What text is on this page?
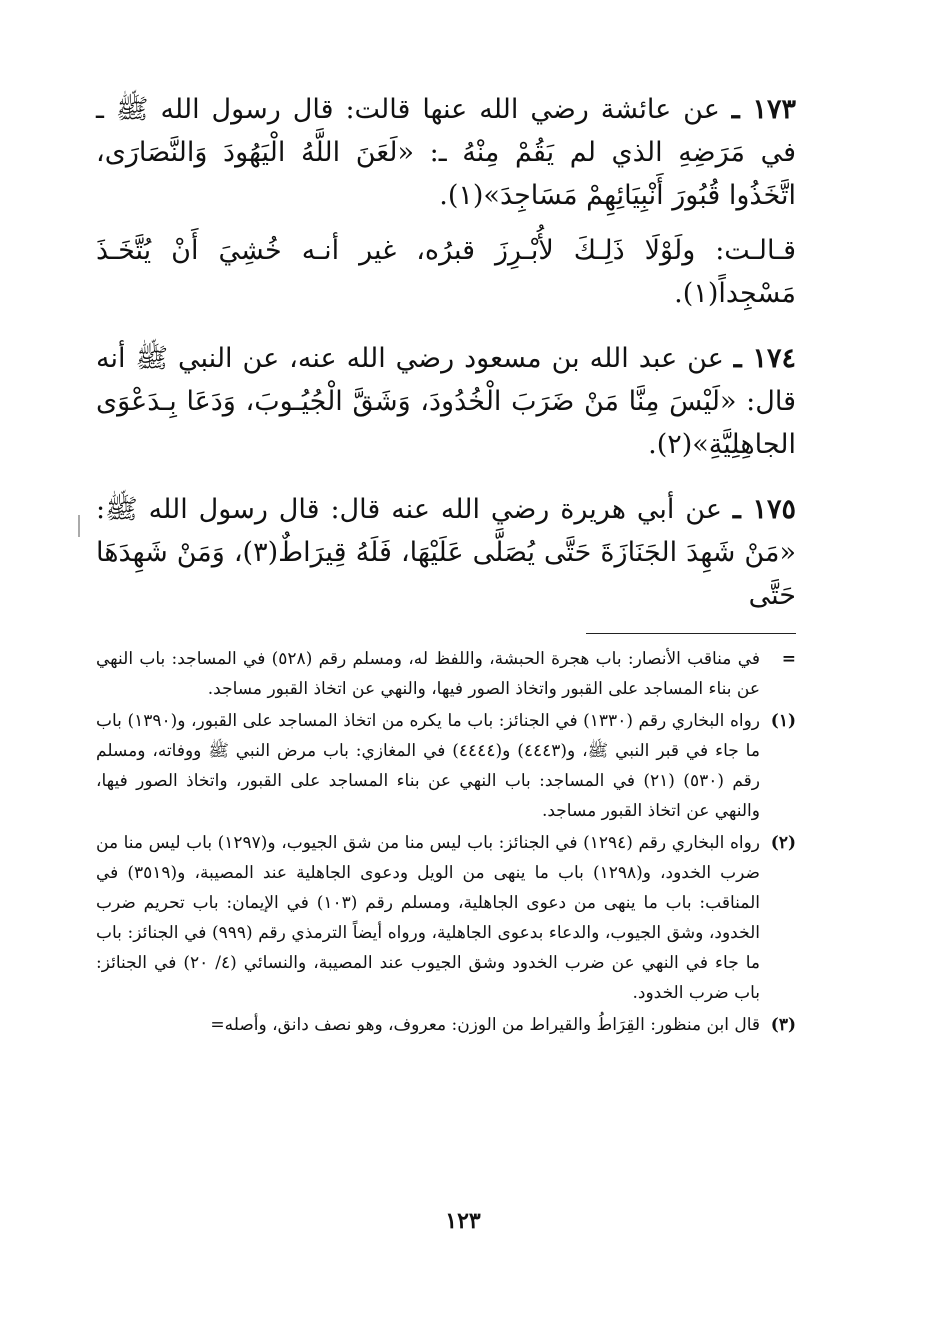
١٧٣ ـ عن عائشة رضي الله عنها قالت: قال رسول الله ﷺ ـ في مَرَضِهِ الذي لم يَقُمْ مِنْهُ ـ: «لَعَنَ اللَّهُ الْيَهُودَ وَالنَّصَارَى، اتَّخَذُوا قُبُورَ أَنْبِيَائِهِمْ مَسَاجِدَ»(١).

قـالـت: ولَوْلَا ذَلِـكَ لأُبْـرِزَ قبرُه، غير أنـه خُشِيَ أَنْ يُتَّخَـذَ مَسْجِداً(١).

١٧٤ ـ عن عبد الله بن مسعود رضي الله عنه، عن النبي ﷺ أنه قال: «لَيْسَ مِنَّا مَنْ ضَرَبَ الْخُدُودَ، وَشَقَّ الْجُيُـوبَ، وَدَعَا بِـدَعْوَى الجاهِلِيَّةِ»(٢).

١٧٥ ـ عن أبي هريرة رضي الله عنه قال: قال رسول الله ﷺ: «مَنْ شَهِدَ الجَنَازَةَ حَتَّى يُصَلَّى عَلَيْهَا، فَلَهُ قِيرَاطٌ(٣)، وَمَنْ شَهِدَهَا حَتَّى

=
في مناقب الأنصار: باب هجرة الحبشة، واللفظ له، ومسلم رقم (٥٢٨) في المساجد: باب النهي عن بناء المساجد على القبور واتخاذ الصور فيها، والنهي عن اتخاذ القبور مساجد.

(١)
رواه البخاري رقم (١٣٣٠) في الجنائز: باب ما يكره من اتخاذ المساجد على القبور، و(١٣٩٠) باب ما جاء في قبر النبي ﷺ، و(٤٤٤٣) و(٤٤٤٤) في المغازي: باب مرض النبي ﷺ ووفاته، ومسلم رقم (٥٣٠) (٢١) في المساجد: باب النهي عن بناء المساجد على القبور، واتخاذ الصور فيها، والنهي عن اتخاذ القبور مساجد.

(٢)
رواه البخاري رقم (١٢٩٤) في الجنائز: باب ليس منا من شق الجيوب، و(١٢٩٧) باب ليس منا من ضرب الخدود، و(١٢٩٨) باب ما ينهى من الويل ودعوى الجاهلية عند المصيبة، و(٣٥١٩) في المناقب: باب ما ينهى من دعوى الجاهلية، ومسلم رقم (١٠٣) في الإيمان: باب تحريم ضرب الخدود، وشق الجيوب، والدعاء بدعوى الجاهلية، ورواه أيضاً الترمذي رقم (٩٩٩) في الجنائز: باب ما جاء في النهي عن ضرب الخدود وشق الجيوب عند المصيبة، والنسائي (٤/ ٢٠) في الجنائز: باب ضرب الخدود.

(٣)
قال ابن منظور: القِرَاطُ والقيراط من الوزن: معروف، وهو نصف دانق، وأصله=

١٢٣
